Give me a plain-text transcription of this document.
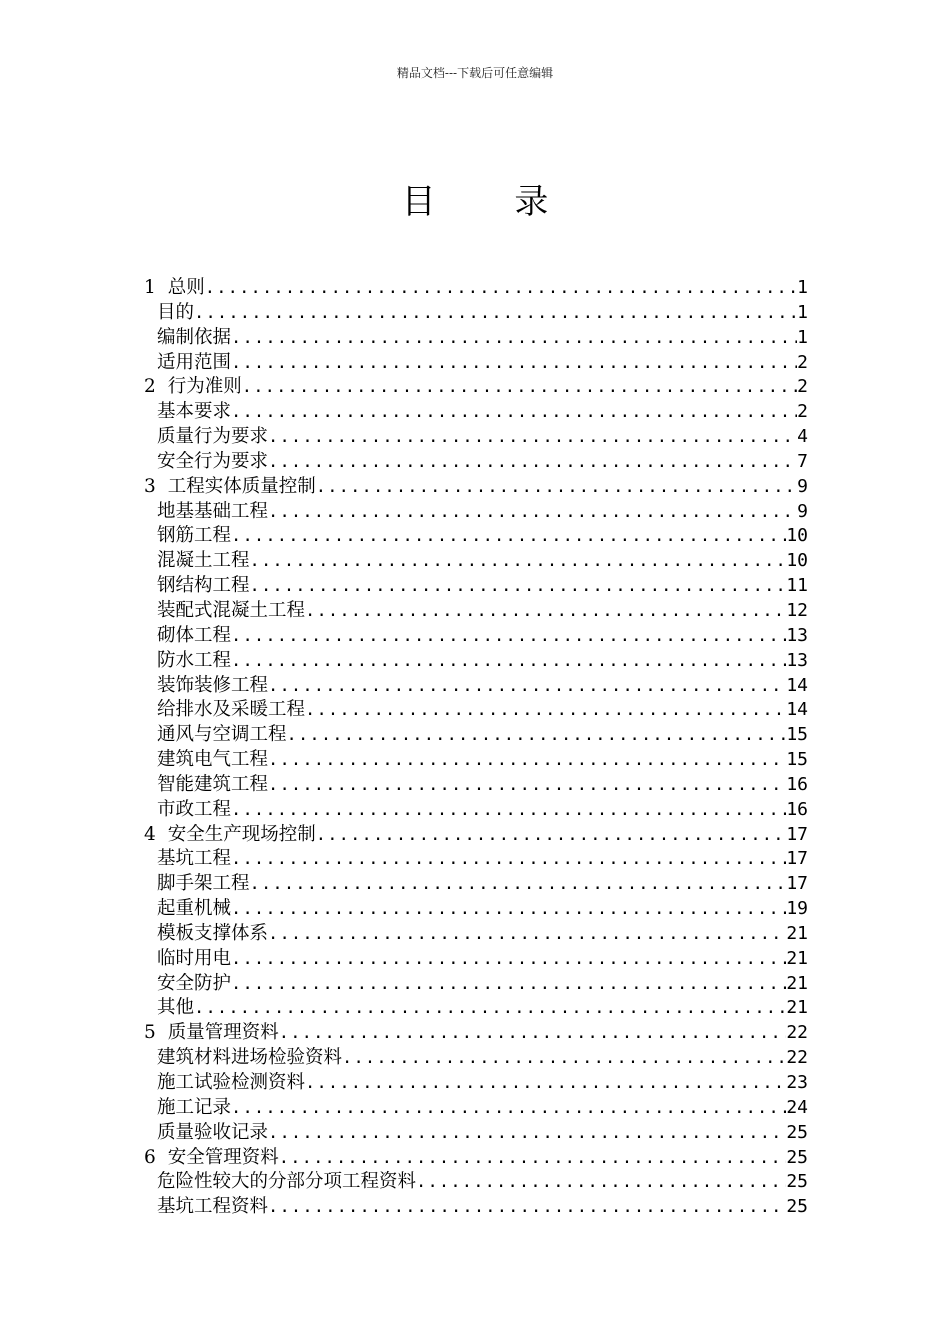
精品文档---下载后可任意编辑
目 录
1 总则 .....	1
目的 .....	1
编制依据 .....	1
适用范围 .....	2
2 行为准则 .....	2
基本要求 .....	2
质量行为要求 .....	4
安全行为要求 .....	7
3 工程实体质量控制 .....	9
地基基础工程 .....	9
钢筋工程 .....	10
混凝土工程 .....	10
钢结构工程 .....	11
装配式混凝土工程 .....	12
砌体工程 .....	13
防水工程 .....	13
装饰装修工程 .....	14
给排水及采暖工程 .....	14
通风与空调工程 .....	15
建筑电气工程 .....	15
智能建筑工程 .....	16
市政工程 .....	16
4 安全生产现场控制 .....	17
基坑工程 .....	17
脚手架工程 .....	17
起重机械 .....	19
模板支撑体系 .....	21
临时用电 .....	21
安全防护 .....	21
其他 .....	21
5 质量管理资料 .....	22
建筑材料进场检验资料 .....	22
施工试验检测资料 .....	23
施工记录 .....	24
质量验收记录 .....	25
6 安全管理资料 .....	25
危险性较大的分部分项工程资料 .....	25
基坑工程资料 .....	25
